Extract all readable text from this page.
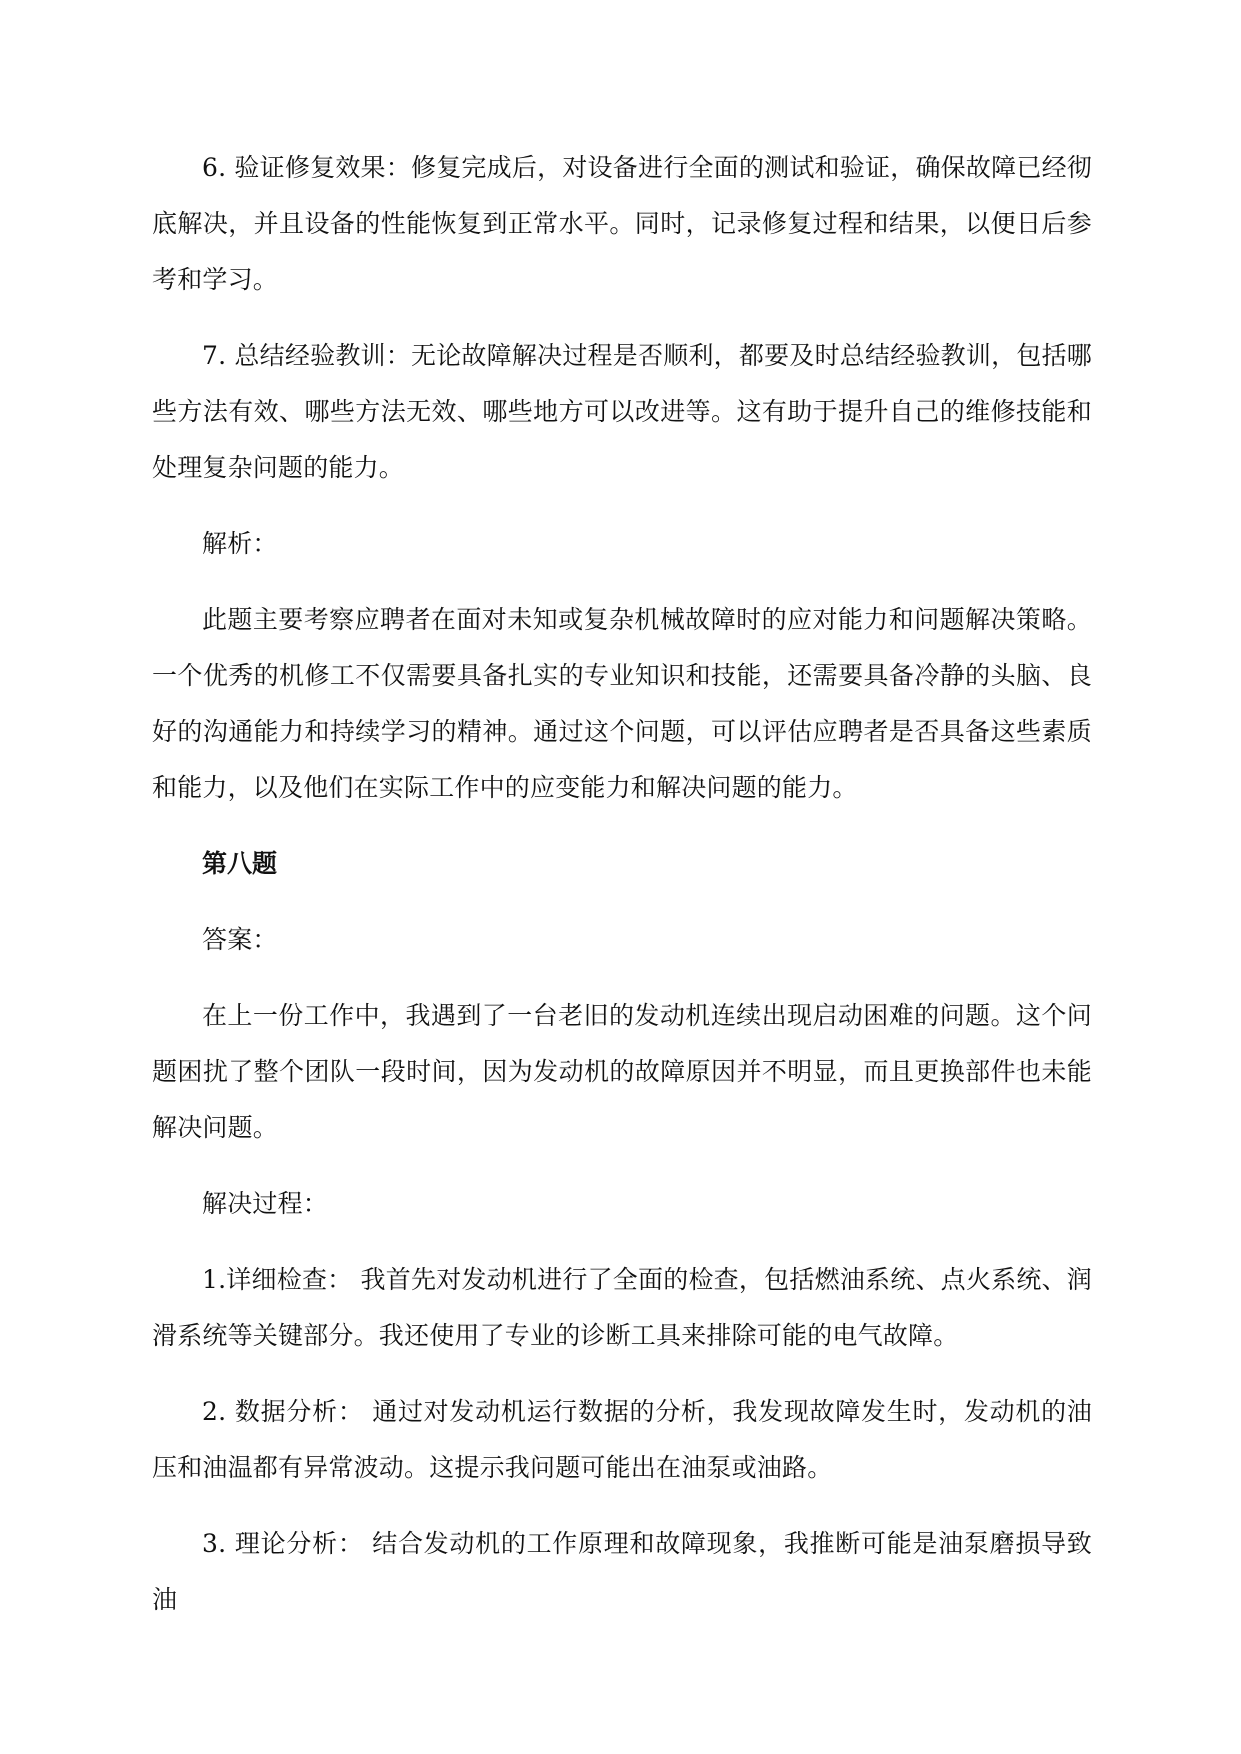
6. 验证修复效果：修复完成后，对设备进行全面的测试和验证，确保故障已经彻底解决，并且设备的性能恢复到正常水平。同时，记录修复过程和结果，以便日后参考和学习。

7. 总结经验教训：无论故障解决过程是否顺利，都要及时总结经验教训，包括哪些方法有效、哪些方法无效、哪些地方可以改进等。这有助于提升自己的维修技能和处理复杂问题的能力。

解析：

此题主要考察应聘者在面对未知或复杂机械故障时的应对能力和问题解决策略。一个优秀的机修工不仅需要具备扎实的专业知识和技能，还需要具备冷静的头脑、良好的沟通能力和持续学习的精神。通过这个问题，可以评估应聘者是否具备这些素质和能力，以及他们在实际工作中的应变能力和解决问题的能力。

第八题

答案：

在上一份工作中，我遇到了一台老旧的发动机连续出现启动困难的问题。这个问题困扰了整个团队一段时间，因为发动机的故障原因并不明显，而且更换部件也未能解决问题。

解决过程：

1.详细检查： 我首先对发动机进行了全面的检查，包括燃油系统、点火系统、润滑系统等关键部分。我还使用了专业的诊断工具来排除可能的电气故障。

2. 数据分析： 通过对发动机运行数据的分析，我发现故障发生时，发动机的油压和油温都有异常波动。这提示我问题可能出在油泵或油路。

3. 理论分析： 结合发动机的工作原理和故障现象，我推断可能是油泵磨损导致油
